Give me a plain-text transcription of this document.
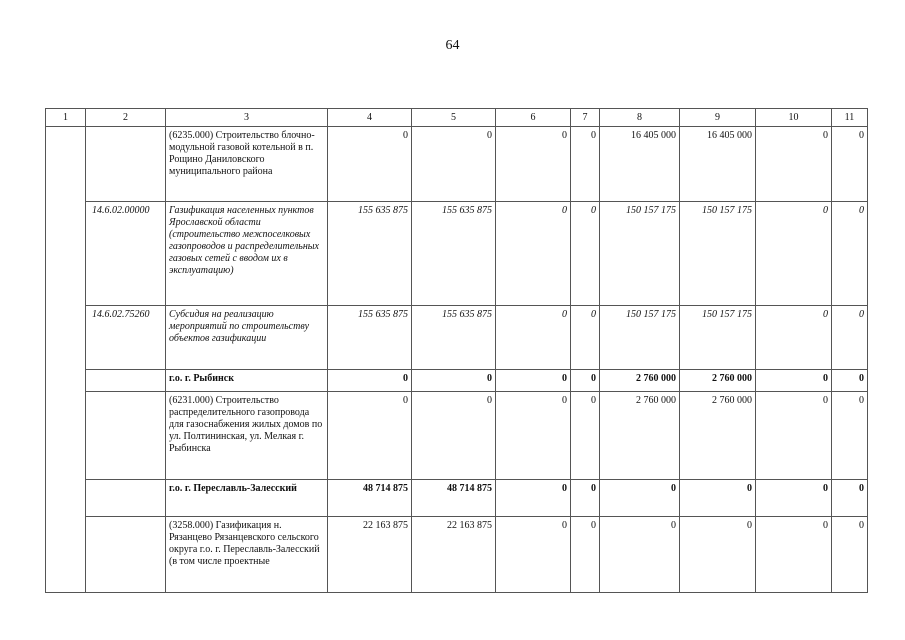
64
1	2	3	4	5	6	7	8	9	10	11
		(6235.000) Строительство блочно-модульной газовой котельной в п. Рощино Даниловского муниципального района	0	0	0	0	16 405 000	16 405 000	0	0
	14.6.02.00000	Газификация населенных пунктов Ярославской области (строительство межпоселковых газопроводов и распределительных газовых сетей с вводом их в эксплуатацию)	155 635 875	155 635 875	0	0	150 157 175	150 157 175	0	0
	14.6.02.75260	Субсидия на реализацию мероприятий по строительству объектов газификации	155 635 875	155 635 875	0	0	150 157 175	150 157 175	0	0
		г.о. г. Рыбинск	0	0	0	0	2 760 000	2 760 000	0	0
		(6231.000) Строительство распределительного газопровода для газоснабжения жилых домов по ул. Полтининская, ул. Мелкая г. Рыбинска	0	0	0	0	2 760 000	2 760 000	0	0
		г.о. г. Переславль-Залесский	48 714 875	48 714 875	0	0	0	0	0	0
		(3258.000) Газификация н. Рязанцево Рязанцевского сельского округа г.о. г. Переславль-Залесский (в том числе проектные	22 163 875	22 163 875	0	0	0	0	0	0
